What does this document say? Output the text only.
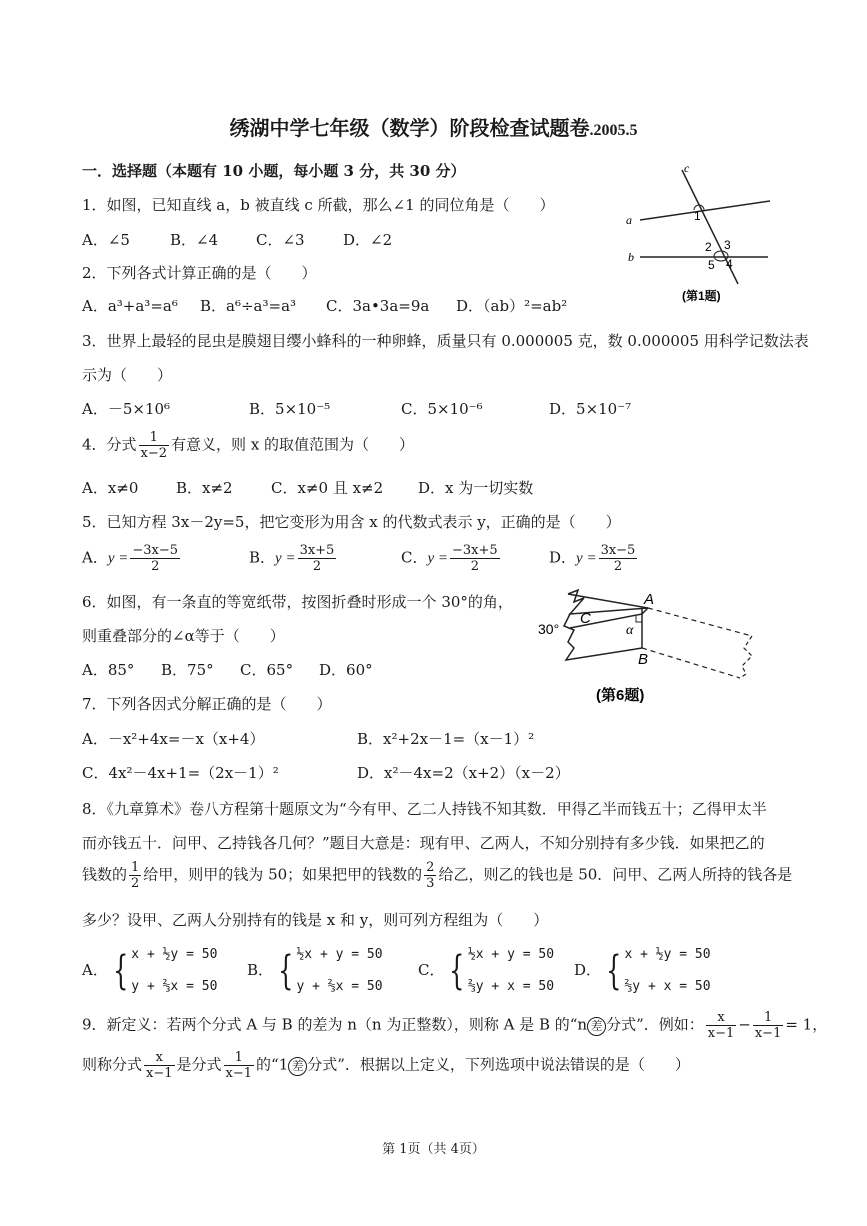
绣湖中学七年级（数学）阶段检查试题卷.2005.5
一．选择题（本题有 10 小题，每小题 3 分，共 30 分）
1．如图，已知直线 a，b 被直线 c 所截，那么∠1 的同位角是（　　）
A．∠5	B．∠4	C．∠3	D．∠2
c
a
b
1
2 3
5 4
(第1题)
2．下列各式计算正确的是（　　）
A．a³+a³=a⁶ B．a⁶÷a³=a³ C．3a•3a=9a D．（ab）²=ab²
3．世界上最轻的昆虫是膜翅目缨小蜂科的一种卵蜂，质量只有 0.000005 克，数 0.000005 用科学记数法表
示为（　　）
A．－5×10⁶	B．5×10⁻⁵	C．5×10⁻⁶	D．5×10⁻⁷
4．分式 $\frac{1}{x-2}$ 有意义，则 x 的取值范围为（　　）
A．x≠0	B．x≠2	C．x≠0 且 x≠2 D．x 为一切实数
5．已知方程 3x－2y=5，把它变形为用含 x 的代数式表示 y，正确的是（　　）
A．$y = \frac{-3x-5}{2}$	B．$y = \frac{3x+5}{2}$	C．$y = \frac{-3x+5}{2}$	D．$y = \frac{3x-5}{2}$
6．如图，有一条直的等宽纸带，按图折叠时形成一个 30°的角，
则重叠部分的∠α等于（　　）
A．85° B．75° C．65° D．60°
30°
C
A
α
B
(第6题)
7．下列各因式分解正确的是（　　）
A．－x²+4x=－x（x+4）	B．x²+2x－1=（x－1）²
C．4x²－4x+1=（2x－1）²	D．x²－4x=2（x+2）（x－2）
8．《九章算术》卷八方程第十题原文为“今有甲、乙二人持钱不知其数．甲得乙半而钱五十；乙得甲太半
而亦钱五十．问甲、乙持钱各几何？”题目大意是：现有甲、乙两人，不知分别持有多少钱．如果把乙的
钱数的 $\frac{1}{2}$ 给甲，则甲的钱为 50；如果把甲的钱数的 $\frac{2}{3}$ 给乙，则乙的钱也是 50．问甲、乙两人所持的钱各是
多少？设甲、乙两人分别持有的钱是 x 和 y，则可列方程组为（　　）
A． { x + ½y = 50
y + ⅔x = 50
B． { ½x + y = 50
y + ⅔x = 50
C． { ½x + y = 50
⅔y + x = 50
D． { x + ½y = 50
⅔y + x = 50
9．新定义：若两个分式 A 与 B 的差为 n（n 为正整数），则称 A 是 B 的“n 差 分式”．例如： $\frac{x}{x-1} - \frac{1}{x-1} = 1$，
则称分式 $\frac{x}{x-1}$ 是分式 $\frac{1}{x-1}$ 的“1 差 分式”．根据以上定义，下列选项中说法错误的是（　　）
第 1页（共 4页）
